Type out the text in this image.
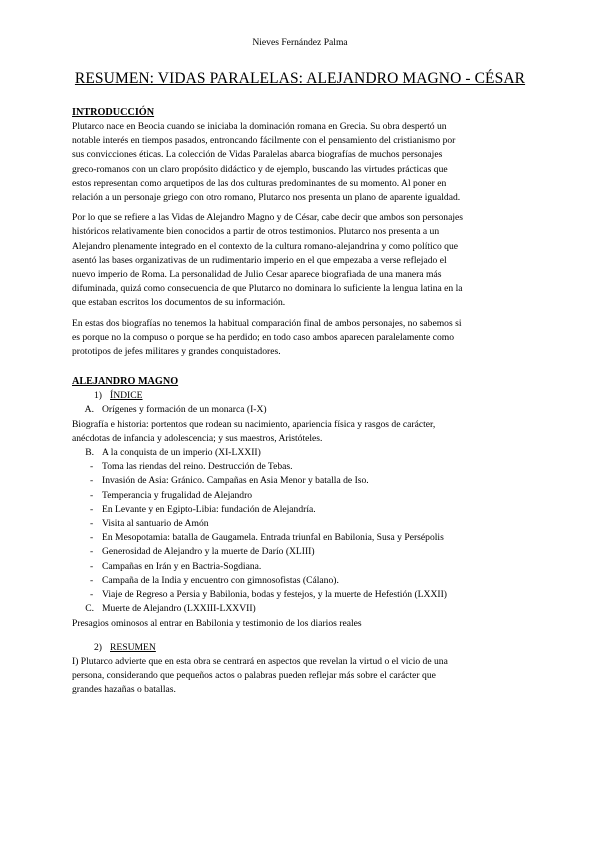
Nieves Fernández Palma
RESUMEN: VIDAS PARALELAS: ALEJANDRO MAGNO - CÉSAR
INTRODUCCIÓN

Plutarco nace en Beocia cuando se iniciaba la dominación romana en Grecia. Su obra despertó un
notable interés en tiempos pasados, entroncando fácilmente con el pensamiento del cristianismo por
sus convicciones éticas. La colección de Vidas Paralelas abarca biografías de muchos personajes
greco-romanos con un claro propósito didáctico y de ejemplo, buscando las virtudes prácticas que
estos representan como arquetipos de las dos culturas predominantes de su momento. Al poner en
relación a un personaje griego con otro romano, Plutarco nos presenta un plano de aparente igualdad.

Por lo que se refiere a las Vidas de Alejandro Magno y de César, cabe decir que ambos son personajes
históricos relativamente bien conocidos a partir de otros testimonios. Plutarco nos presenta a un
Alejandro plenamente integrado en el contexto de la cultura romano-alejandrina y como político que
asentó las bases organizativas de un rudimentario imperio en el que empezaba a verse reflejado el
nuevo imperio de Roma. La personalidad de Julio Cesar aparece biografiada de una manera más
difuminada, quizá como consecuencia de que Plutarco no dominara lo suficiente la lengua latina en la
que estaban escritos los documentos de su información.

En estas dos biografías no tenemos la habitual comparación final de ambos personajes, no sabemos si
es porque no la compuso o porque se ha perdido; en todo caso ambos aparecen paralelamente como
prototipos de jefes militares y grandes conquistadores.

ALEJANDRO MAGNO
1) ÍNDICE
A. Orígenes y formación de un monarca (I-X)

Biografía e historia: portentos que rodean su nacimiento, apariencia física y rasgos de carácter,
anécdotas de infancia y adolescencia; y sus maestros, Aristóteles.

B. A la conquista de un imperio (XI-LXXII)
- Toma las riendas del reino. Destrucción de Tebas.
- Invasión de Asia: Gránico. Campañas en Asia Menor y batalla de Iso.
- Temperancia y frugalidad de Alejandro
- En Levante y en Egipto-Libia: fundación de Alejandría.
- Visita al santuario de Amón
- En Mesopotamia: batalla de Gaugamela. Entrada triunfal en Babilonia, Susa y Persépolis
- Generosidad de Alejandro y la muerte de Darío (XLIII)
- Campañas en Irán y en Bactria-Sogdiana.
- Campaña de la India y encuentro con gimnosofistas (Cálano).
- Viaje de Regreso a Persia y Babilonia, bodas y festejos, y la muerte de Hefestión (LXXII)
C. Muerte de Alejandro (LXXIII-LXXVII)

Presagios ominosos al entrar en Babilonia y testimonio de los diarios reales

2) RESUMEN

I) Plutarco advierte que en esta obra se centrará en aspectos que revelan la virtud o el vicio de una
persona, considerando que pequeños actos o palabras pueden reflejar más sobre el carácter que
grandes hazañas o batallas.
